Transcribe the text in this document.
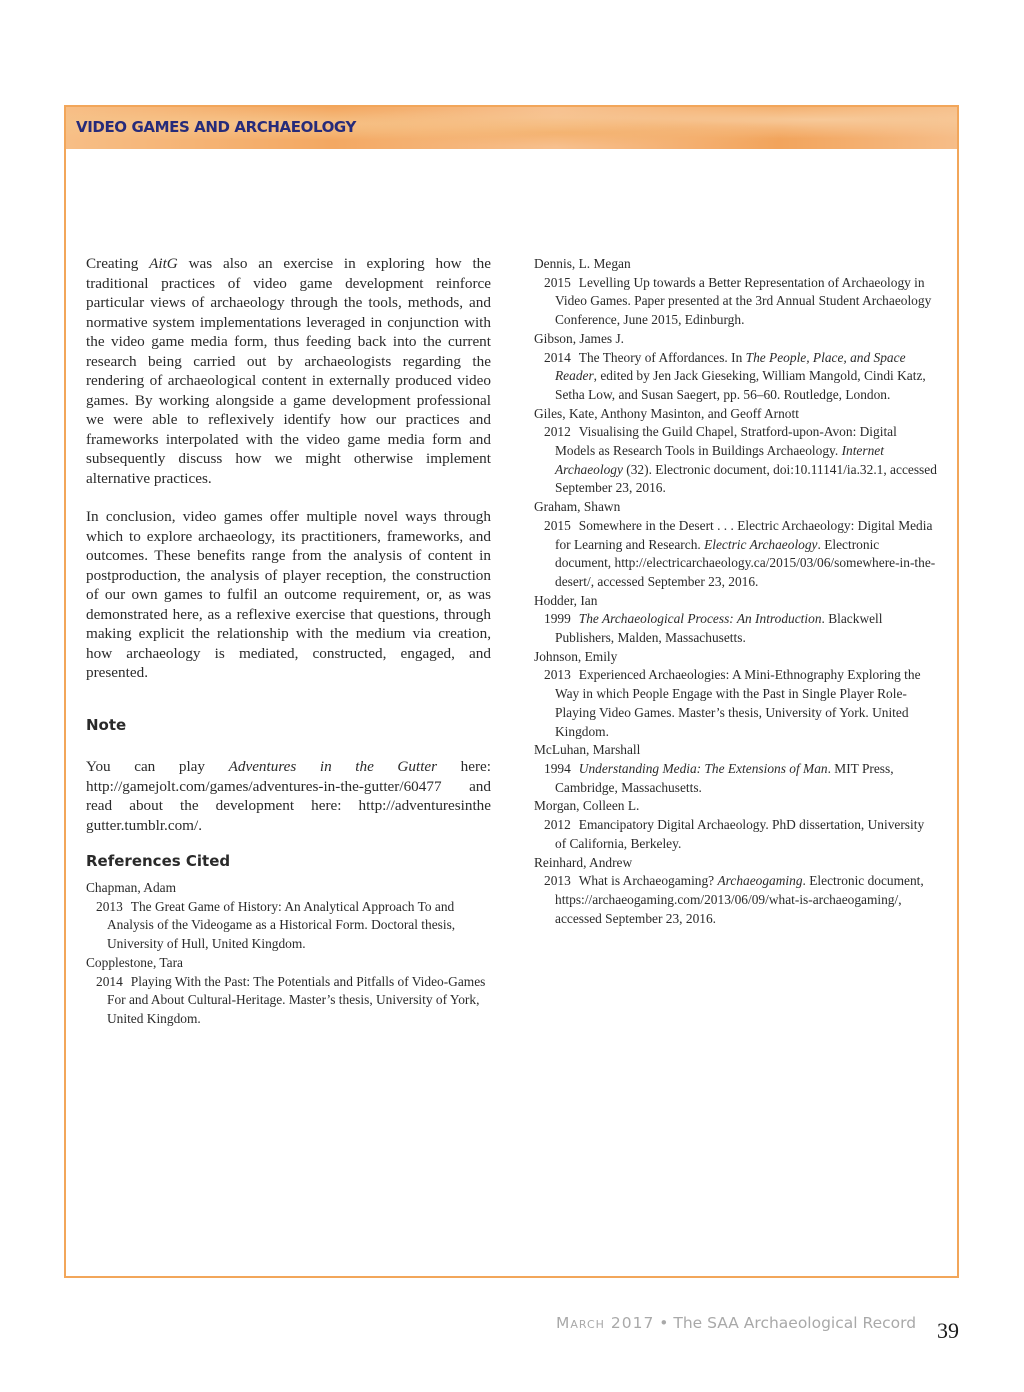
VIDEO GAMES AND ARCHAEOLOGY

Creating AitG was also an exercise in exploring how the traditional practices of video game development reinforce particular views of archaeology through the tools, methods, and normative system implementations leveraged in conjunction with the video game media form, thus feeding back into the current research being carried out by archaeologists regarding the rendering of archaeological content in externally produced video games. By working alongside a game development professional we were able to reflexively identify how our practices and frameworks interpolated with the video game media form and subsequently discuss how we might otherwise implement alternative practices.

In conclusion, video games offer multiple novel ways through which to explore archaeology, its practitioners, frameworks, and outcomes. These benefits range from the analysis of content in postproduction, the analysis of player reception, the construction of our own games to fulfil an outcome requirement, or, as was demonstrated here, as a reflexive exercise that questions, through making explicit the relationship with the medium via creation, how archaeology is mediated, constructed, engaged, and presented.

Note

You can play Adventures in the Gutter here: http://gamejolt.com/games/adventures-in-the-gutter/60477 and read about the development here: http://adventuresinthe gutter.tumblr.com/.

References Cited

Chapman, Adam

2013 The Great Game of History: An Analytical Approach To and Analysis of the Videogame as a Historical Form. Doctoral thesis, University of Hull, United Kingdom.

Copplestone, Tara

2014 Playing With the Past: The Potentials and Pitfalls of Video-Games For and About Cultural-Heritage. Master’s thesis, University of York, United Kingdom.

Dennis, L. Megan

2015 Levelling Up towards a Better Representation of Archaeology in Video Games. Paper presented at the 3rd Annual Student Archaeology Conference, June 2015, Edinburgh.

Gibson, James J.

2014 The Theory of Affordances. In The People, Place, and Space Reader, edited by Jen Jack Gieseking, William Mangold, Cindi Katz, Setha Low, and Susan Saegert, pp. 56–60. Routledge, London.

Giles, Kate, Anthony Masinton, and Geoff Arnott

2012 Visualising the Guild Chapel, Stratford-upon-Avon: Digital Models as Research Tools in Buildings Archaeology. Internet Archaeology (32). Electronic document, doi:10.11141/ia.32.1, accessed September 23, 2016.

Graham, Shawn

2015 Somewhere in the Desert . . . Electric Archaeology: Digital Media for Learning and Research. Electric Archaeology. Electronic document, http://electricarchaeology.ca/2015/03/06/somewhere-in-the-desert/, accessed September 23, 2016.

Hodder, Ian

1999 The Archaeological Process: An Introduction. Blackwell Publishers, Malden, Massachusetts.

Johnson, Emily

2013 Experienced Archaeologies: A Mini-Ethnography Exploring the Way in which People Engage with the Past in Single Player Role-Playing Video Games. Master’s thesis, University of York. United Kingdom.

McLuhan, Marshall

1994 Understanding Media: The Extensions of Man. MIT Press, Cambridge, Massachusetts.

Morgan, Colleen L.

2012 Emancipatory Digital Archaeology. PhD dissertation, University of California, Berkeley.

Reinhard, Andrew

2013 What is Archaeogaming? Archaeogaming. Electronic document, https://archaeogaming.com/2013/06/09/what-is-archaeogaming/, accessed September 23, 2016.

March 2017 • The SAA Archaeological Record 39
